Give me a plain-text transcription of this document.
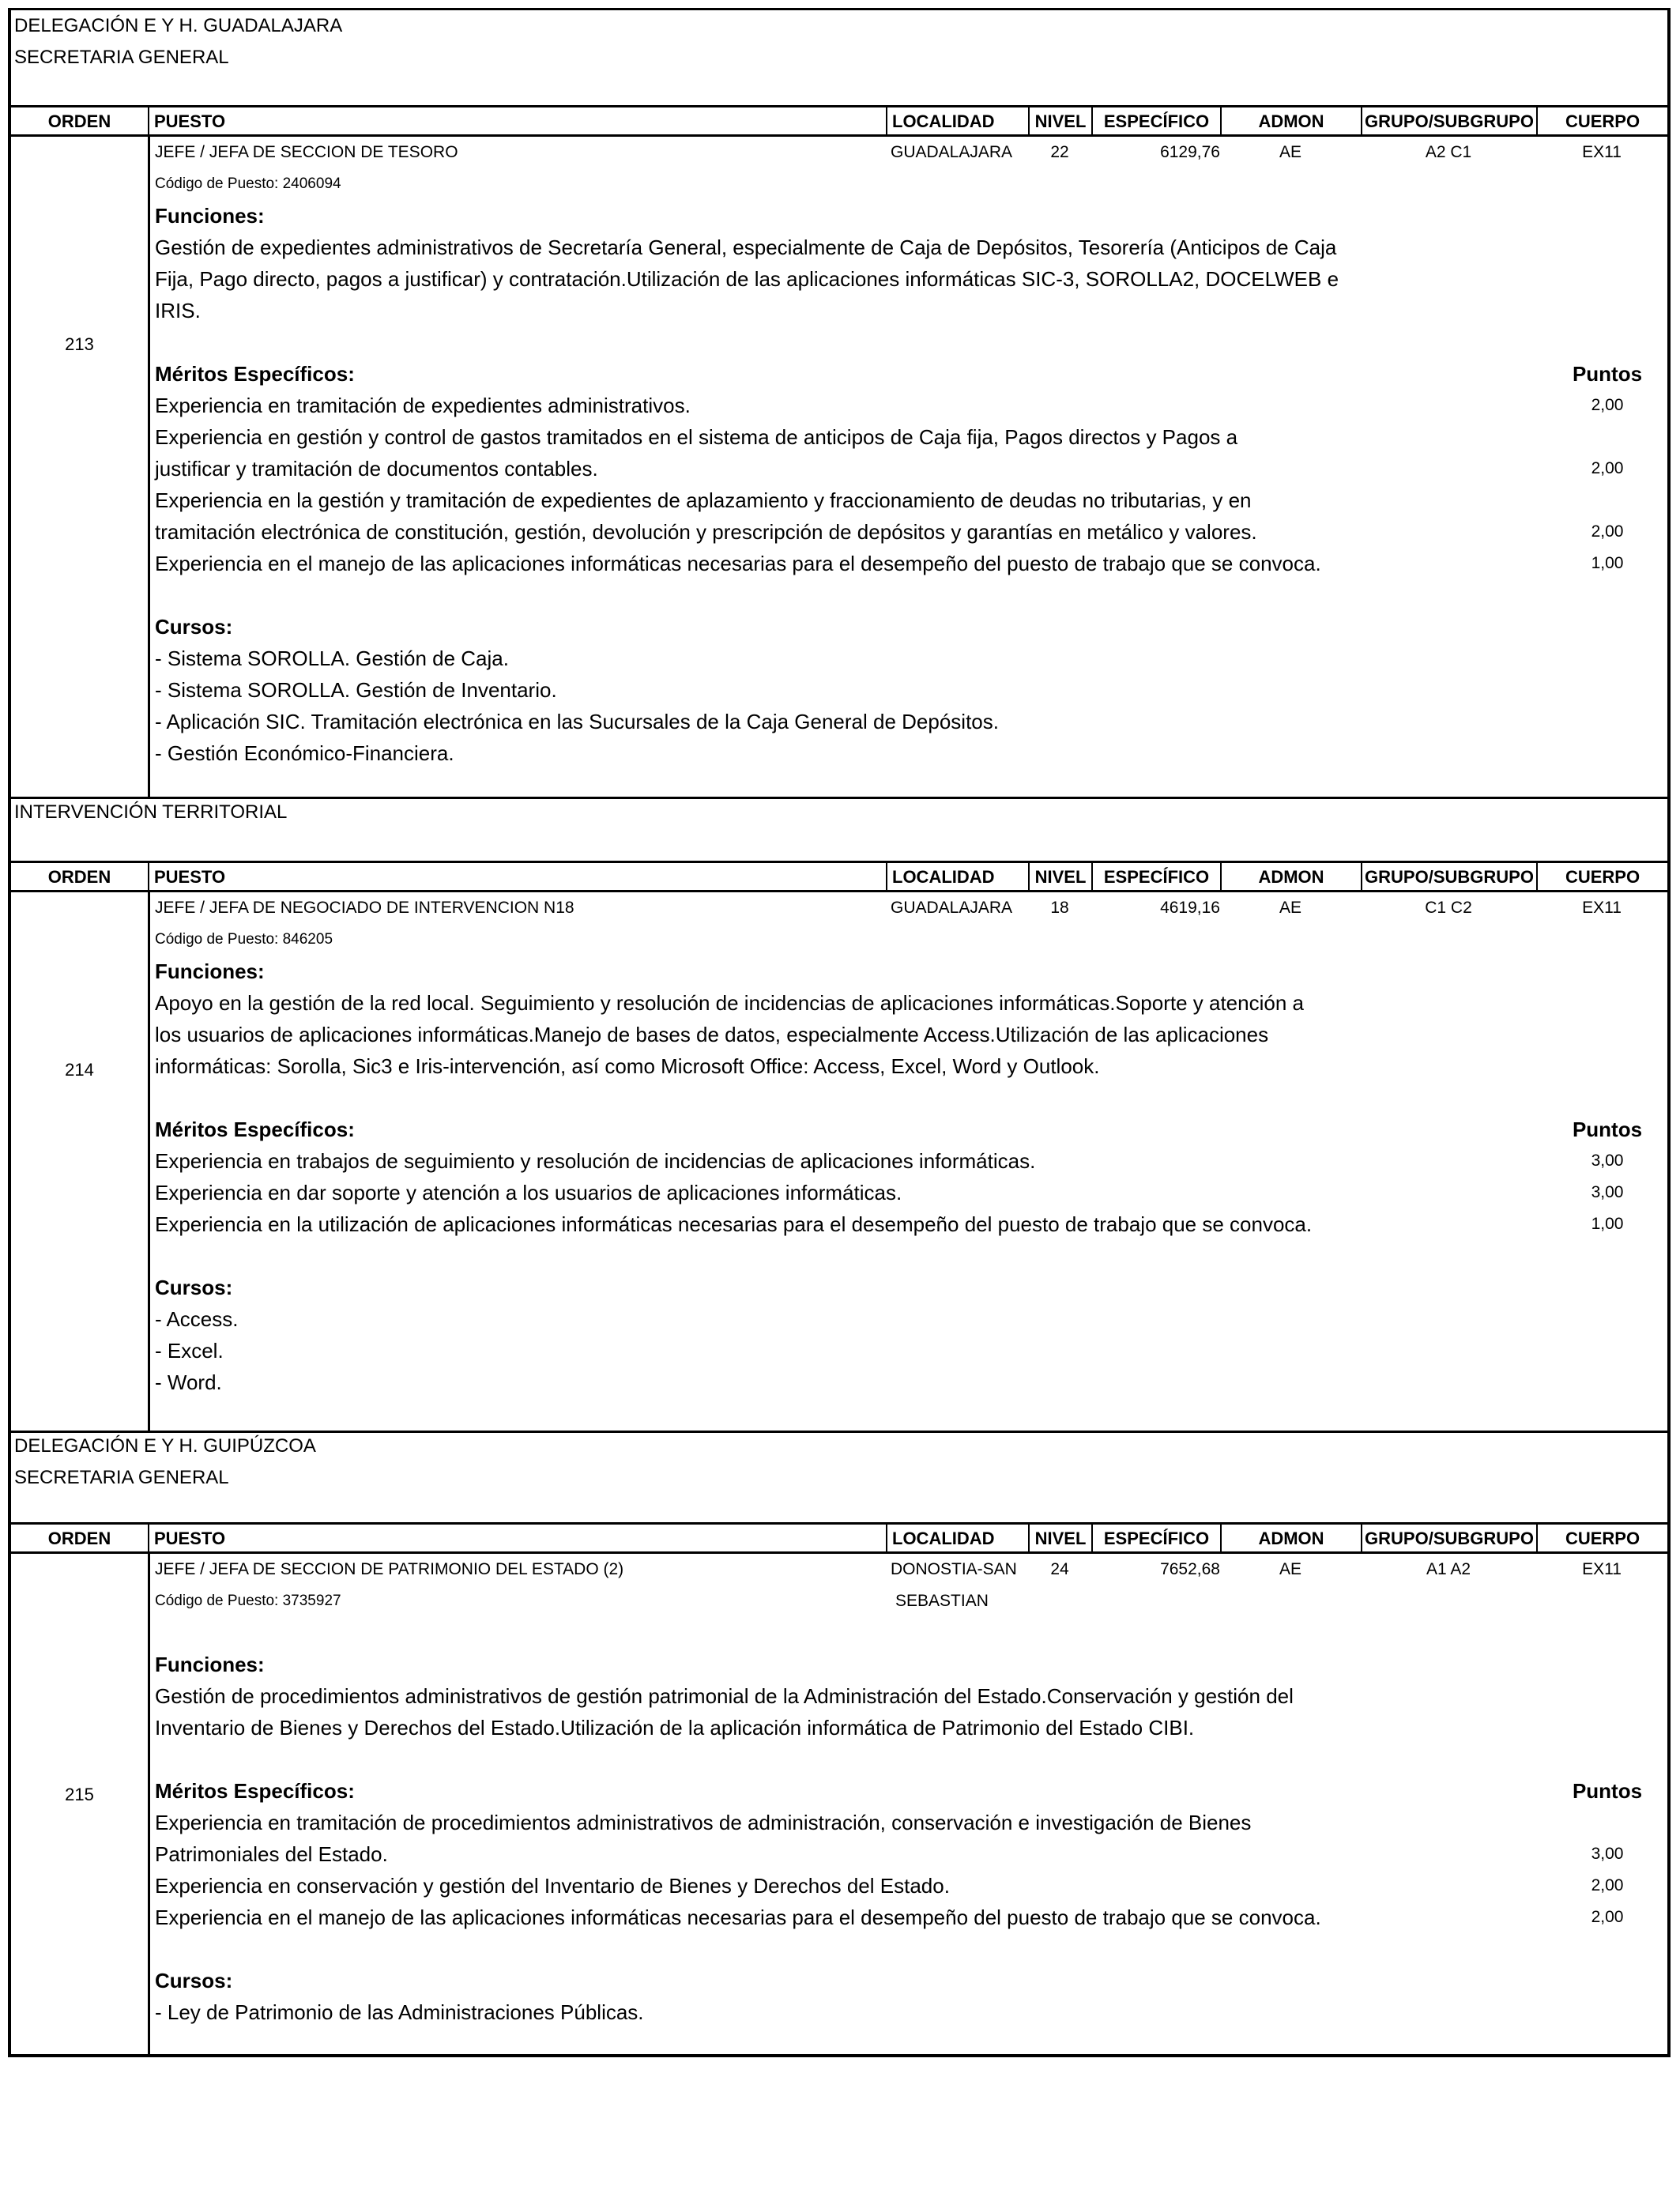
DELEGACIÓN E Y H. GUADALAJARA
SECRETARIA GENERAL
ORDEN	PUESTO	LOCALIDAD	NIVEL	ESPECÍFICO	ADMON	GRUPO/SUBGRUPO	CUERPO
213
JEFE / JEFA DE SECCION DE TESORO	GUADALAJARA	22	6129,76	AE	A2 C1	EX11
Código de Puesto: 2406094
Funciones:
Gestión de expedientes administrativos de Secretaría General, especialmente de Caja de Depósitos, Tesorería (Anticipos de Caja
Fija, Pago directo, pagos a justificar) y contratación.Utilización de las aplicaciones informáticas SIC-3, SOROLLA2, DOCELWEB e
IRIS.
Méritos Específicos:	Puntos
Experiencia en tramitación de expedientes administrativos.	2,00
Experiencia en gestión y control de gastos tramitados en el sistema de anticipos de Caja fija, Pagos directos y Pagos a
justificar y tramitación de documentos contables.	2,00
Experiencia en la gestión y tramitación de expedientes de aplazamiento y fraccionamiento de deudas no tributarias, y en
tramitación electrónica de constitución, gestión, devolución y prescripción de depósitos y garantías en metálico y valores.	2,00
Experiencia en el manejo de las aplicaciones informáticas necesarias para el desempeño del puesto de trabajo que se convoca.	1,00
Cursos:
- Sistema SOROLLA. Gestión de Caja.
- Sistema SOROLLA. Gestión de Inventario.
- Aplicación SIC. Tramitación electrónica en las Sucursales de la Caja General de Depósitos.
- Gestión Económico-Financiera.
INTERVENCIÓN TERRITORIAL
ORDEN	PUESTO	LOCALIDAD	NIVEL	ESPECÍFICO	ADMON	GRUPO/SUBGRUPO	CUERPO
214
JEFE / JEFA DE NEGOCIADO DE INTERVENCION N18	GUADALAJARA	18	4619,16	AE	C1 C2	EX11
Código de Puesto: 846205
Funciones:
Apoyo en la gestión de la red local. Seguimiento y resolución de incidencias de aplicaciones informáticas.Soporte y atención a
los usuarios de aplicaciones informáticas.Manejo de bases de datos, especialmente Access.Utilización de las aplicaciones
informáticas: Sorolla, Sic3 e Iris-intervención, así como Microsoft Office: Access, Excel, Word y Outlook.
Méritos Específicos:	Puntos
Experiencia en trabajos de seguimiento y resolución de incidencias de aplicaciones informáticas.	3,00
Experiencia en dar soporte y atención a los usuarios de aplicaciones informáticas.	3,00
Experiencia en la utilización de aplicaciones informáticas necesarias para el desempeño del puesto de trabajo que se convoca.	1,00
Cursos:
- Access.
- Excel.
- Word.
DELEGACIÓN E Y H. GUIPÚZCOA
SECRETARIA GENERAL
ORDEN	PUESTO	LOCALIDAD	NIVEL	ESPECÍFICO	ADMON	GRUPO/SUBGRUPO	CUERPO
215
JEFE / JEFA DE SECCION DE PATRIMONIO DEL ESTADO (2)	DONOSTIA-SAN	24	7652,68	AE	A1 A2	EX11
Código de Puesto: 3735927	SEBASTIAN
Funciones:
Gestión de procedimientos administrativos de gestión patrimonial de la Administración del Estado.Conservación y gestión del
Inventario de Bienes y Derechos del Estado.Utilización de la aplicación informática de Patrimonio del Estado CIBI.
Méritos Específicos:	Puntos
Experiencia en tramitación de procedimientos administrativos de administración, conservación e investigación de Bienes
Patrimoniales del Estado.	3,00
Experiencia en conservación y gestión del Inventario de Bienes y Derechos del Estado.	2,00
Experiencia en el manejo de las aplicaciones informáticas necesarias para el desempeño del puesto de trabajo que se convoca.	2,00
Cursos:
- Ley de Patrimonio de las Administraciones Públicas.
